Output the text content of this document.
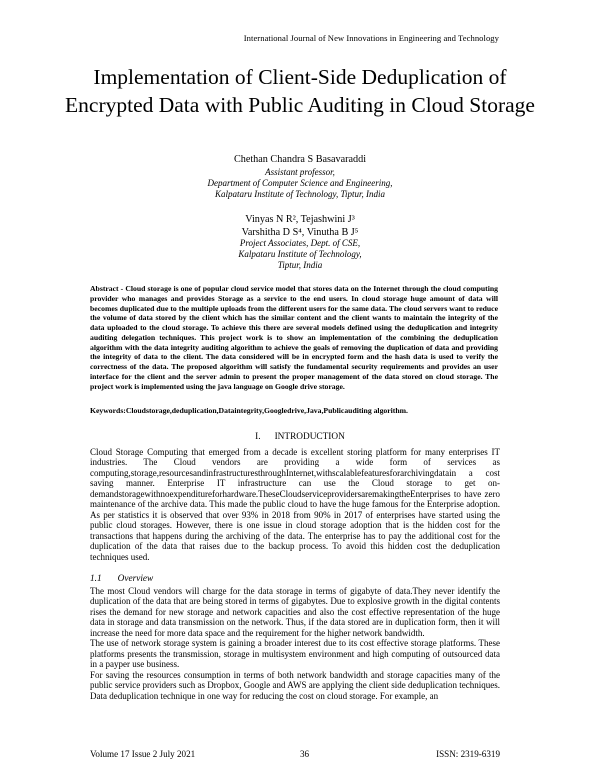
International Journal of New Innovations in Engineering and Technology
Implementation of Client-Side Deduplication of Encrypted Data with Public Auditing in Cloud Storage
Chethan Chandra S Basavaraddi
Assistant professor,
Department of Computer Science and Engineering,
Kalpataru Institute of Technology, Tiptur, India
Vinyas N R², Tejashwini J³
Varshitha D S⁴, Vinutha B J⁵
Project Associates, Dept. of CSE,
Kalpataru Institute of Technology,
Tiptur, India
Abstract - Cloud storage is one of popular cloud service model that stores data on the Internet through the cloud computing provider who manages and provides Storage as a service to the end users. In cloud storage huge amount of data will becomes duplicated due to the multiple uploads from the different users for the same data. The cloud servers want to reduce the volume of data stored by the client which has the similar content and the client wants to maintain the integrity of the data uploaded to the cloud storage. To achieve this there are several models defined using the deduplication and integrity auditing delegation techniques. This project work is to show an implementation of the combining the deduplication algorithm with the data integrity auditing algorithm to achieve the goals of removing the duplication of data and providing the integrity of data to the client. The data considered will be in encrypted form and the hash data is used to verify the correctness of the data. The proposed algorithm will satisfy the fundamental security requirements and provides an user interface for the client and the server admin to present the proper management of the data stored on cloud storage. The project work is implemented using the java language on Google drive storage.
Keywords:Cloudstorage,deduplication,Dataintegrity,Googledrive,Java,Publicauditing algorithm.
I. INTRODUCTION

Cloud Storage Computing that emerged from a decade is excellent storing platform for many enterprises IT industries. The Cloud vendors are providing a wide form of services as computing,storage,resourcesandinfrastructuresthroughInternet,withscalablefeaturesforarchivingdatain a cost saving manner. Enterprise IT infrastructure can use the Cloud storage to get on-demandstoragewithnoexpenditureforhardware.TheseCloudserviceprovidersaremakingtheEnterprises to have zero maintenance of the archive data. This made the public cloud to have the huge famous for the Enterprise adoption. As per statistics it is observed that over 93% in 2018 from 90% in 2017 of enterprises have started using the public cloud storages. However, there is one issue in cloud storage adoption that is the hidden cost for the transactions that happens during the archiving of the data. The enterprise has to pay the additional cost for the duplication of the data that raises due to the backup process. To avoid this hidden cost the deduplication techniques used.

1.1 Overview

The most Cloud vendors will charge for the data storage in terms of gigabyte of data.They never identify the duplication of the data that are being stored in terms of gigabytes. Due to explosive growth in the digital contents rises the demand for new storage and network capacities and also the cost effective representation of the huge data in storage and data transmission on the network. Thus, if the data stored are in duplication form, then it will increase the need for more data space and the requirement for the higher network bandwidth.

The use of network storage system is gaining a broader interest due to its cost effective storage platforms. These platforms presents the transmission, storage in multisystem environment and high computing of outsourced data in a payper use business.

For saving the resources consumption in terms of both network bandwidth and storage capacities many of the public service providers such as Dropbox, Google and AWS are applying the client side deduplication techniques. Data deduplication technique in one way for reducing the cost on cloud storage. For example, an

Volume 17 Issue 2 July 2021	36	ISSN: 2319-6319
